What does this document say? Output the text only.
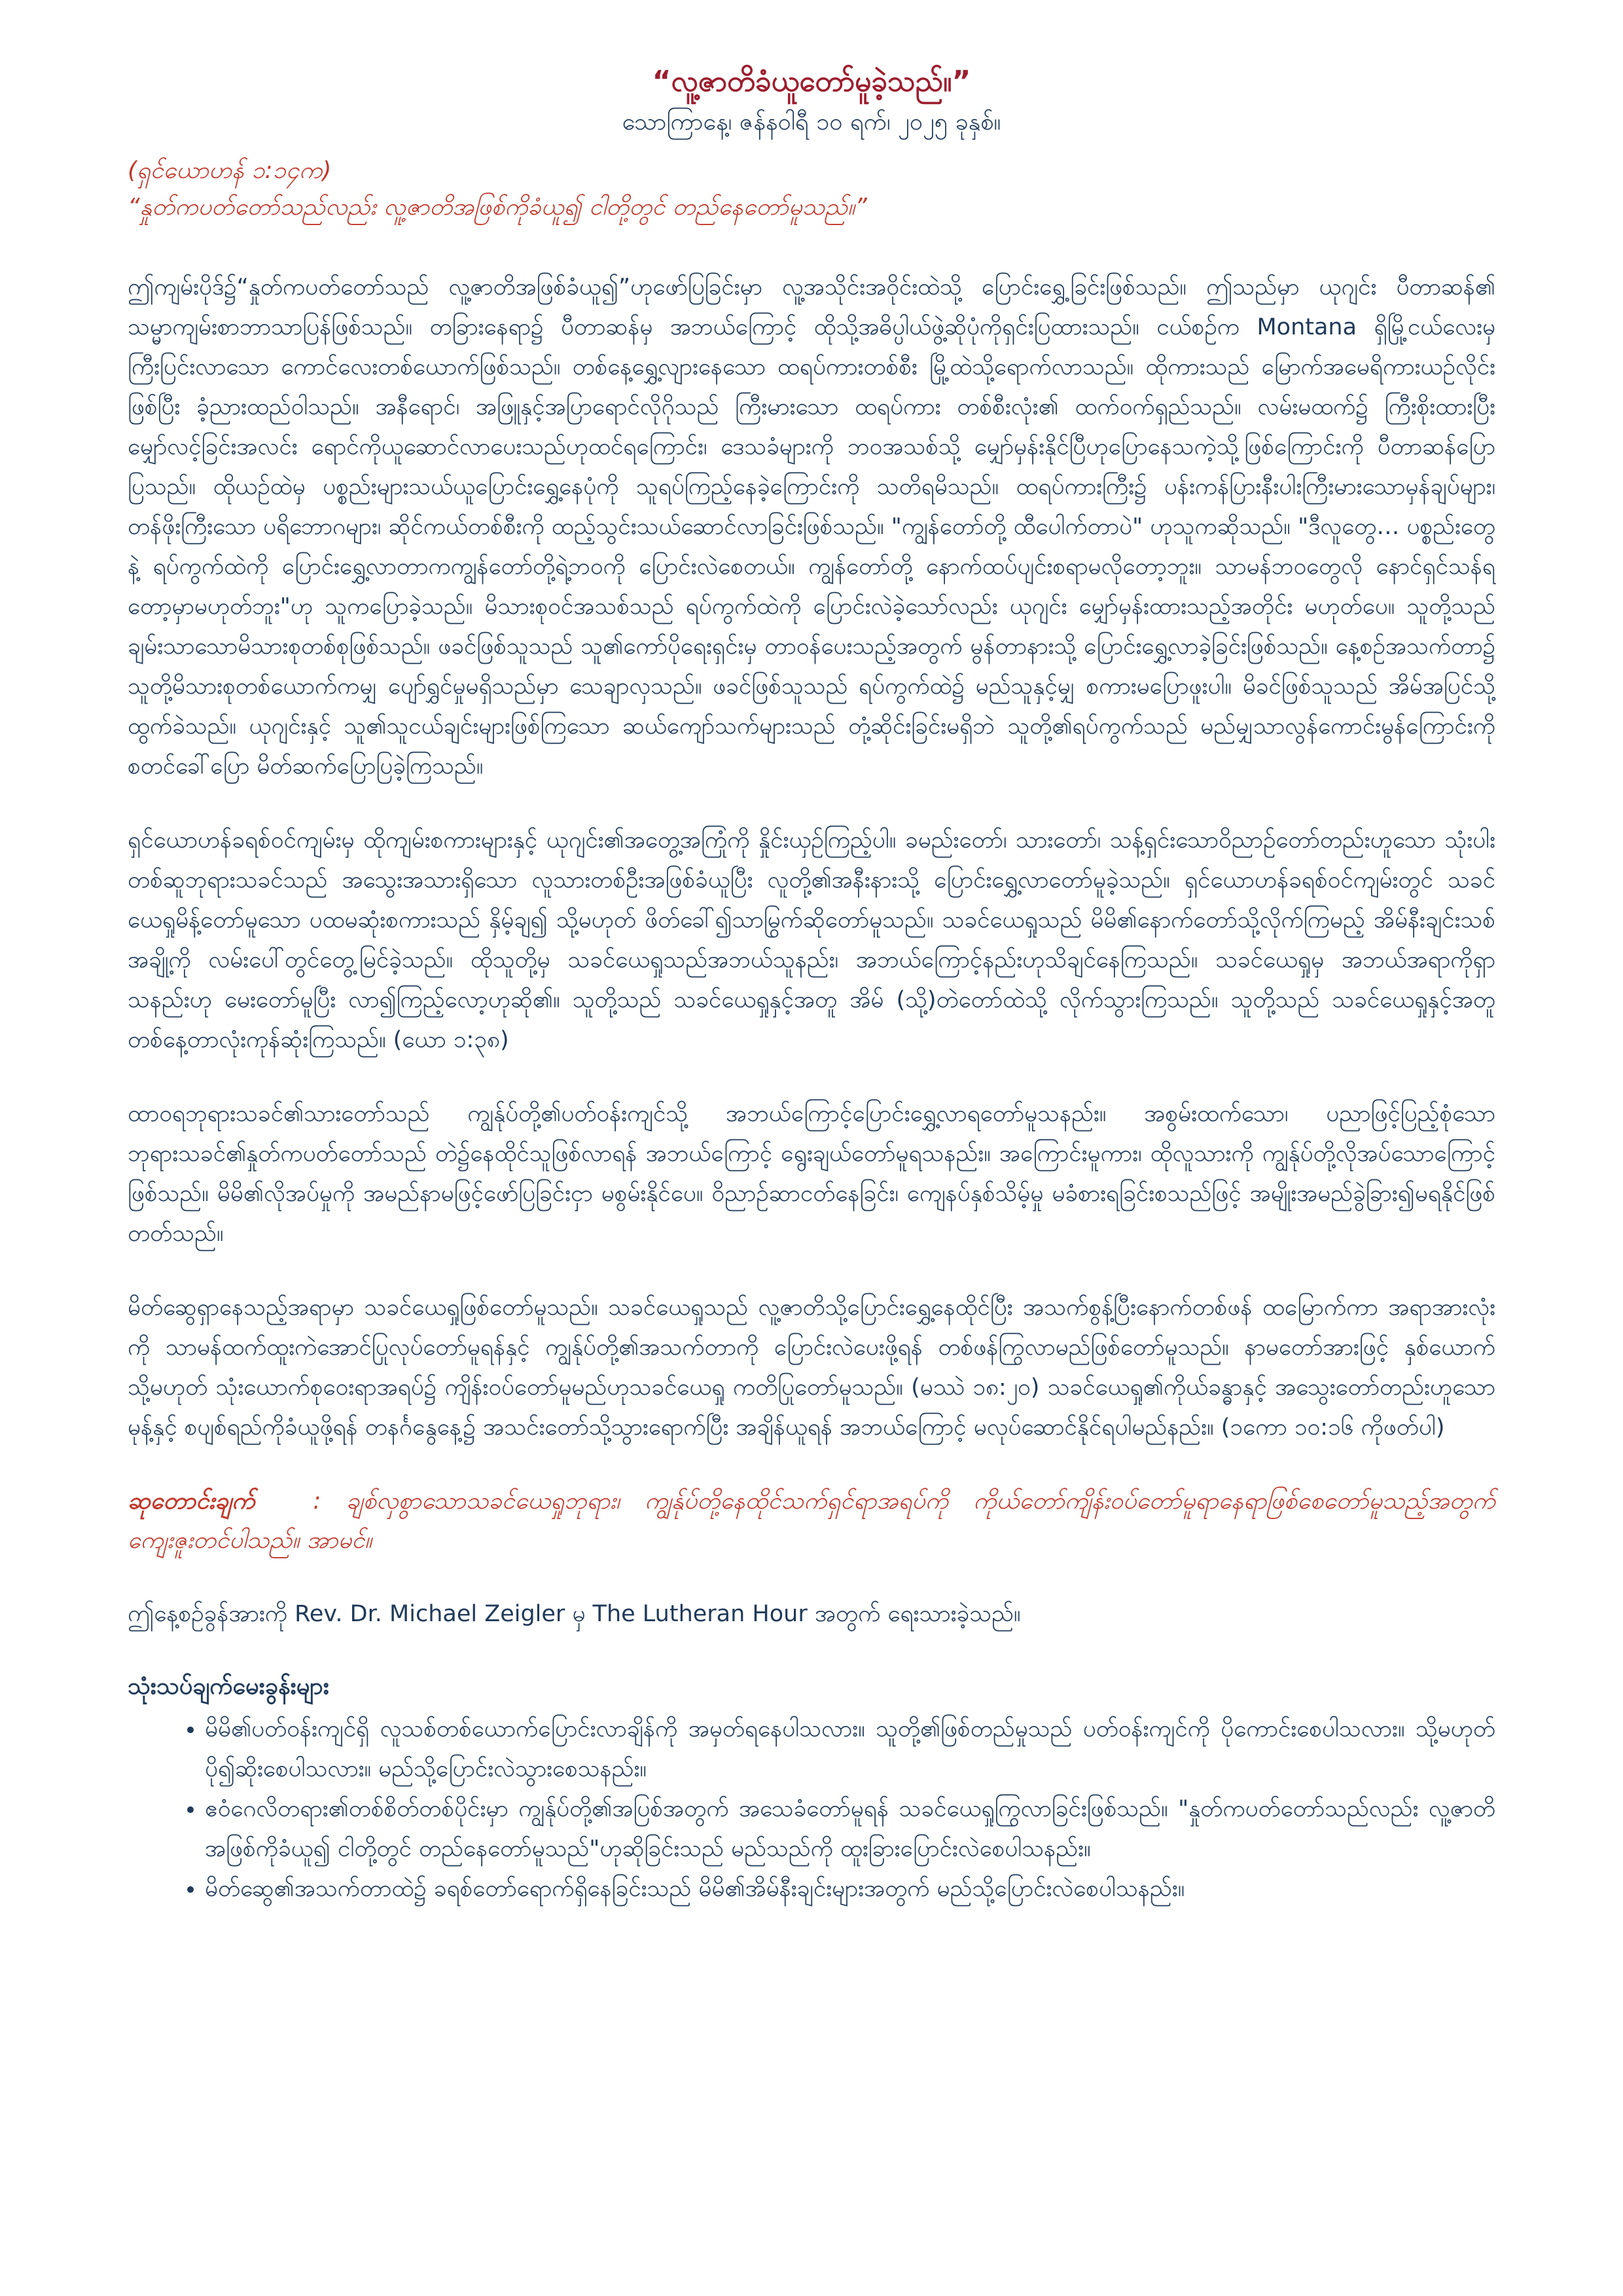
“လူ့ဇာတိခံယူတော်မူခဲ့သည်။”

သောကြာနေ့၊ ဇန်နဝါရီ ၁၀ ရက်၊ ၂၀၂၅ ခုနှစ်။

(ရှင်ယောဟန် ၁:၁၄က)

“နှုတ်ကပတ်တော်သည်လည်း လူ့ဇာတိအဖြစ်ကိုခံယူ၍ ငါတို့တွင် တည်နေတော်မူသည်။”

ဤကျမ်းပိုဒ်၌“နှုတ်ကပတ်တော်သည် လူ့ဇာတိအဖြစ်ခံယူ၍”ဟုဖော်ပြခြင်းမှာ လူ့အသိုင်းအဝိုင်းထဲသို့ ပြောင်းရွှေ့ခြင်းဖြစ်သည်။ ဤသည်မှာ ယုဂျင်း ပီတာဆန်၏ သမ္မာကျမ်းစာဘာသာပြန်ဖြစ်သည်။ တခြားနေရာ၌ ပီတာဆန်မှ အဘယ်ကြောင့် ထိုသို့အဓိပ္ပါယ်ဖွဲ့ဆိုပုံကိုရှင်းပြထားသည်။ ငယ်စဉ်က Montana ရှိမြို့ငယ်လေးမှ ကြီးပြင်းလာသော ကောင်လေးတစ်ယောက်ဖြစ်သည်။ တစ်နေ့ရွှေ့လျားနေသော ထရပ်ကားတစ်စီး မြို့ထဲသို့ရောက်လာသည်။ ထိုကားသည် မြောက်အမေရိကားယဉ်လိုင်းဖြစ်ပြီး ခံ့ညားထည်ဝါသည်။ အနီရောင်၊ အဖြူနှင့်အပြာရောင်လိုဂိုသည် ကြီးမားသော ထရပ်ကား တစ်စီးလုံး၏ ထက်ဝက်ရှည်သည်။ လမ်းမထက်၌ ကြီးစိုးထားပြီး မျှော်လင့်ခြင်းအလင်း ရောင်ကိုယူဆောင်လာပေးသည်ဟုထင်ရကြောင်း၊ ဒေသခံများကို ဘဝအသစ်သို့ မျှော်မှန်းနိုင်ပြီဟုပြောနေသကဲ့သို့ဖြစ်ကြောင်းကို ပီတာဆန်ပြောပြသည်။ ထိုယဉ်ထဲမှ ပစ္စည်းများသယ်ယူပြောင်းရွှေ့နေပုံကို သူရပ်ကြည့်နေခဲ့ကြောင်းကို သတိရမိသည်။ ထရပ်ကားကြီး၌ ပန်းကန်ပြားနီးပါးကြီးမားသောမှန်ချပ်များ၊ တန်ဖိုးကြီးသော ပရိဘောဂများ၊ ဆိုင်ကယ်တစ်စီးကို ထည့်သွင်းသယ်ဆောင်လာခြင်းဖြစ်သည်။ "ကျွန်တော်တို့ ထီပေါက်တာပဲ" ဟုသူကဆိုသည်။ "ဒီလူတွေ… ပစ္စည်းတွေနဲ့ ရပ်ကွက်ထဲကို ပြောင်းရွှေ့လာတာကကျွန်တော်တို့ရဲ့ဘဝကို ပြောင်းလဲစေတယ်။ ကျွန်တော်တို့ နောက်ထပ်ပျင်းစရာမလိုတော့ဘူး။ သာမန်ဘဝတွေလို နောင်ရှင်သန်ရတော့မှာမဟုတ်ဘူး"ဟု သူကပြောခဲ့သည်။ မိသားစုဝင်အသစ်သည် ရပ်ကွက်ထဲကို ပြောင်းလဲခဲ့သော်လည်း ယုဂျင်း မျှော်မှန်းထားသည့်အတိုင်း မဟုတ်ပေ။ သူတို့သည် ချမ်းသာသောမိသားစုတစ်စုဖြစ်သည်။ ဖခင်ဖြစ်သူသည် သူ၏ကော်ပိုရေးရှင်းမှ တာဝန်ပေးသည့်အတွက် မွန်တာနားသို့ ပြောင်းရွှေ့လာခဲ့ခြင်းဖြစ်သည်။ နေ့စဉ်အသက်တာ၌ သူတို့မိသားစုတစ်ယောက်ကမျှ ပျော်ရွှင်မှုမရှိသည်မှာ သေချာလှသည်။ ဖခင်ဖြစ်သူသည် ရပ်ကွက်ထဲ၌ မည်သူနှင့်မျှ စကားမပြောဖူးပါ။ မိခင်ဖြစ်သူသည် အိမ်အပြင်သို့ထွက်ခဲသည်။ ယုဂျင်းနှင့် သူ၏သူငယ်ချင်းများဖြစ်ကြသော ဆယ်ကျော်သက်များသည် တုံ့ဆိုင်းခြင်းမရှိဘဲ သူတို့၏ရပ်ကွက်သည် မည်မျှသာလွန်ကောင်းမွန်ကြောင်းကို စတင်ခေါ်ပြော မိတ်ဆက်ပြောပြခဲ့ကြသည်။

ရှင်ယောဟန်ခရစ်ဝင်ကျမ်းမှ ထိုကျမ်းစကားများနှင့် ယုဂျင်း၏အတွေ့အကြုံကို နှိုင်းယှဉ်ကြည့်ပါ။ ခမည်းတော်၊ သားတော်၊ သန့်ရှင်းသောဝိညာဉ်တော်တည်းဟူသော သုံးပါးတစ်ဆူဘုရားသခင်သည် အသွေးအသားရှိသော လူသားတစ်ဦးအဖြစ်ခံယူပြီး လူတို့၏အနီးနားသို့ ပြောင်းရွှေ့လာတော်မူခဲ့သည်။ ရှင်ယောဟန်ခရစ်ဝင်ကျမ်းတွင် သခင်ယေရှုမိန့်တော်မူသော ပထမဆုံးစကားသည် နှိမ့်ချ၍ သို့မဟုတ် ဖိတ်ခေါ်၍သာမြွက်ဆိုတော်မူသည်။ သခင်ယေရှုသည် မိမိ၏နောက်တော်သို့လိုက်ကြမည့် အိမ်နီးချင်းသစ်အချို့ကို လမ်းပေါ်တွင်တွေ့မြင်ခဲ့သည်။ ထိုသူတို့မှ သခင်ယေရှုသည်အဘယ်သူနည်း၊ အဘယ်ကြောင့်နည်းဟုသိချင်နေကြသည်။ သခင်ယေရှုမှ အဘယ်အရာကိုရှာသနည်းဟု မေးတော်မူပြီး လာ၍ကြည့်လော့ဟုဆို၏။ သူတို့သည် သခင်ယေရှုနှင့်အတူ အိမ် (သို့)တဲတော်ထဲသို့ လိုက်သွားကြသည်။ သူတို့သည် သခင်ယေရှုနှင့်အတူ တစ်နေ့တာလုံးကုန်ဆုံးကြသည်။ (ယော ၁:၃၈)

ထာဝရဘုရားသခင်၏သားတော်သည် ကျွန်ုပ်တို့၏ပတ်ဝန်းကျင်သို့ အဘယ်ကြောင့်ပြောင်းရွှေ့လာရတော်မူသနည်း။ အစွမ်းထက်သော၊ ပညာဖြင့်ပြည့်စုံသော ဘုရားသခင်၏နှုတ်ကပတ်တော်သည် တဲ၌နေထိုင်သူဖြစ်လာရန် အဘယ်ကြောင့် ရွေးချယ်တော်မူရသနည်း။ အကြောင်းမူကား၊ ထိုလူသားကို ကျွန်ုပ်တို့လိုအပ်သောကြောင့်ဖြစ်သည်။ မိမိ၏လိုအပ်မှုကို အမည်နာမဖြင့်ဖော်ပြခြင်းငှာ မစွမ်းနိုင်ပေ။ ဝိညာဉ်ဆာငတ်နေခြင်း၊ ကျေနပ်နှစ်သိမ့်မှု မခံစားရခြင်းစသည်ဖြင့် အမျိုးအမည်ခွဲခြား၍မရနိုင်ဖြစ်တတ်သည်။

မိတ်ဆွေရှာနေသည့်အရာမှာ သခင်ယေရှုဖြစ်တော်မူသည်။ သခင်ယေရှုသည် လူ့ဇာတိသို့ပြောင်းရွှေ့နေထိုင်ပြီး အသက်စွန့်ပြီးနောက်တစ်ဖန် ထမြောက်ကာ အရာအားလုံးကို သာမန်ထက်ထူးကဲအောင်ပြုလုပ်တော်မူရန်နှင့် ကျွန်ုပ်တို့၏အသက်တာကို ပြောင်းလဲပေးဖို့ရန် တစ်ဖန်ကြွလာမည်ဖြစ်တော်မူသည်။ နာမတော်အားဖြင့် နှစ်ယောက် သို့မဟုတ် သုံးယောက်စုဝေးရာအရပ်၌ ကျိန်းဝပ်တော်မူမည်ဟုသခင်ယေရှု ကတိပြုတော်မူသည်။ (မဿဲ ၁၈:၂၀) သခင်ယေရှု၏ကိုယ်ခန္ဓာနှင့် အသွေးတော်တည်းဟူသော မုန့်နှင့် စပျစ်ရည်ကိုခံယူဖို့ရန် တနင်္ဂနွေနေ့၌ အသင်းတော်သို့သွားရောက်ပြီး အချိန်ယူရန် အဘယ်ကြောင့် မလုပ်ဆောင်နိုင်ရပါမည်နည်း။ (၁ကော ၁၀:၁၆ ကိုဖတ်ပါ)

ဆုတောင်းချက် : ချစ်လှစွာသောသခင်ယေရှုဘုရား၊ ကျွန်ုပ်တို့နေထိုင်သက်ရှင်ရာအရပ်ကို ကိုယ်တော်ကျိန်းဝပ်တော်မူရာနေရာဖြစ်စေတော်မူသည့်အတွက် ကျေးဇူးတင်ပါသည်။ အာမင်။

ဤနေ့စဉ်ခွန်အားကို Rev. Dr. Michael Zeigler မှ The Lutheran Hour အတွက် ရေးသားခဲ့သည်။

သုံးသပ်ချက်မေးခွန်းများ

• မိမိ၏ပတ်ဝန်းကျင်ရှိ လူသစ်တစ်ယောက်ပြောင်းလာချိန်ကို အမှတ်ရနေပါသလား။ သူတို့၏ဖြစ်တည်မှုသည် ပတ်ဝန်းကျင်ကို ပိုကောင်းစေပါသလား။ သို့မဟုတ် ပို၍ဆိုးစေပါသလား။ မည်သို့ပြောင်းလဲသွားစေသနည်း။
• ဧဝံဂေလိတရား၏တစ်စိတ်တစ်ပိုင်းမှာ ကျွန်ုပ်တို့၏အပြစ်အတွက် အသေခံတော်မူရန် သခင်ယေရှုကြွလာခြင်းဖြစ်သည်။ "နှုတ်ကပတ်တော်သည်လည်း လူ့ဇာတိအဖြစ်ကိုခံယူ၍ ငါတို့တွင် တည်နေတော်မူသည်"ဟုဆိုခြင်းသည် မည်သည်ကို ထူးခြားပြောင်းလဲစေပါသနည်း။
• မိတ်ဆွေ၏အသက်တာထဲ၌ ခရစ်တော်ရောက်ရှိနေခြင်းသည် မိမိ၏အိမ်နီးချင်းများအတွက် မည်သို့ပြောင်းလဲစေပါသနည်း။
